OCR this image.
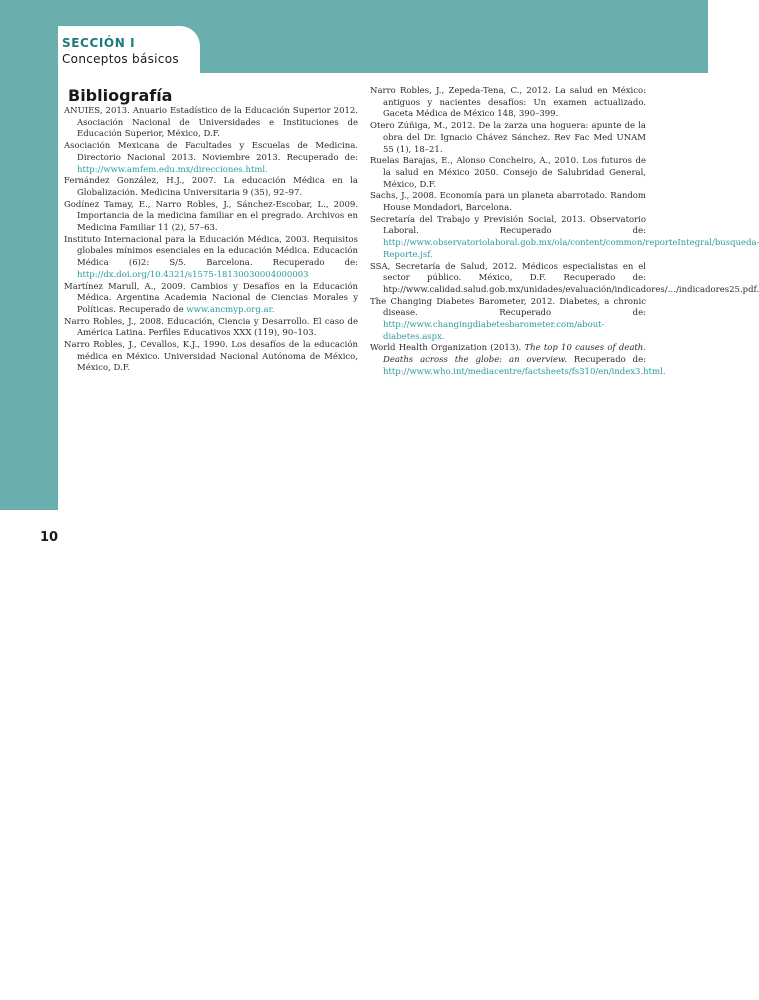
SECCIÓN I
Conceptos básicos
Bibliografía

ANUIES, 2013. Anuario Estadístico de la Educación Superior 2012. Asociación Nacional de Universidades e Instituciones de Educación Superior, México, D.F.

Asociación Mexicana de Facultades y Escuelas de Medicina. Directorio Nacional 2013. Noviembre 2013. Recuperado de: http://www.amfem.edu.mx/direcciones.html.

Fernández González, H.J., 2007. La educación Médica en la Globalización. Medicina Universitaria 9 (35), 92–97.

Godínez Tamay, E., Narro Robles, J., Sánchez-Escobar, L., 2009. Importancia de la medicina familiar en el pregrado. Archivos en Medicina Familiar 11 (2), 57–63.

Instituto Internacional para la Educación Médica, 2003. Requisitos globales mínimos esenciales en la educación Médica. Educación Médica (6)2: S/5. Barcelona. Recuperado de: http://dx.doi.org/10.4321/s1575-18130030004000003

Martínez Marull, A., 2009. Cambios y Desafíos en la Educación Médica. Argentina Academia Nacional de Ciencias Morales y Políticas. Recuperado de www.ancmyp.org.ar.

Narro Robles, J., 2008. Educación, Ciencia y Desarrollo. El caso de América Latina. Perfiles Educativos XXX (119), 90–103.

Narro Robles, J., Cevallos, K.J., 1990. Los desafíos de la educación médica en México. Universidad Nacional Autónoma de México, México, D.F.

Narro Robles, J., Zepeda-Tena, C., 2012. La salud en México: antiguos y nacientes desafíos: Un examen actualizado. Gaceta Médica de México 148, 390–399.

Otero Zúñiga, M., 2012. De la zarza una hoguera: apunte de la obra del Dr. Ignacio Chávez Sánchez. Rev Fac Med UNAM 55 (1), 18–21.

Ruelas Barajas, E., Alonso Concheiro, A., 2010. Los futuros de la salud en México 2050. Consejo de Salubridad General, México, D.F.

Sachs, J., 2008. Economía para un planeta abarrotado. Random House Mondadori, Barcelona.

Secretaría del Trabajo y Previsión Social, 2013. Observatorio Laboral. Recuperado de: http://www.observatoriolaboral.gob.mx/ola/content/common/reporteIntegral/busqueda-Reporte.jsf.

SSA, Secretaría de Salud, 2012. Médicos especialistas en el sector público. México, D.F. Recuperado de: htp://www.calidad.salud.gob.mx/unidades/evaluación/indicadores/…/indicadores25.pdf.

The Changing Diabetes Barometer, 2012. Diabetes, a chronic disease. Recuperado de: http://www.changingdiabetesbarometer.com/about-diabetes.aspx.

World Health Organization (2013). The top 10 causes of death. Deaths across the globe: an overview. Recuperado de: http://www.who.int/mediacentre/factsheets/fs310/en/index3.html.

10
